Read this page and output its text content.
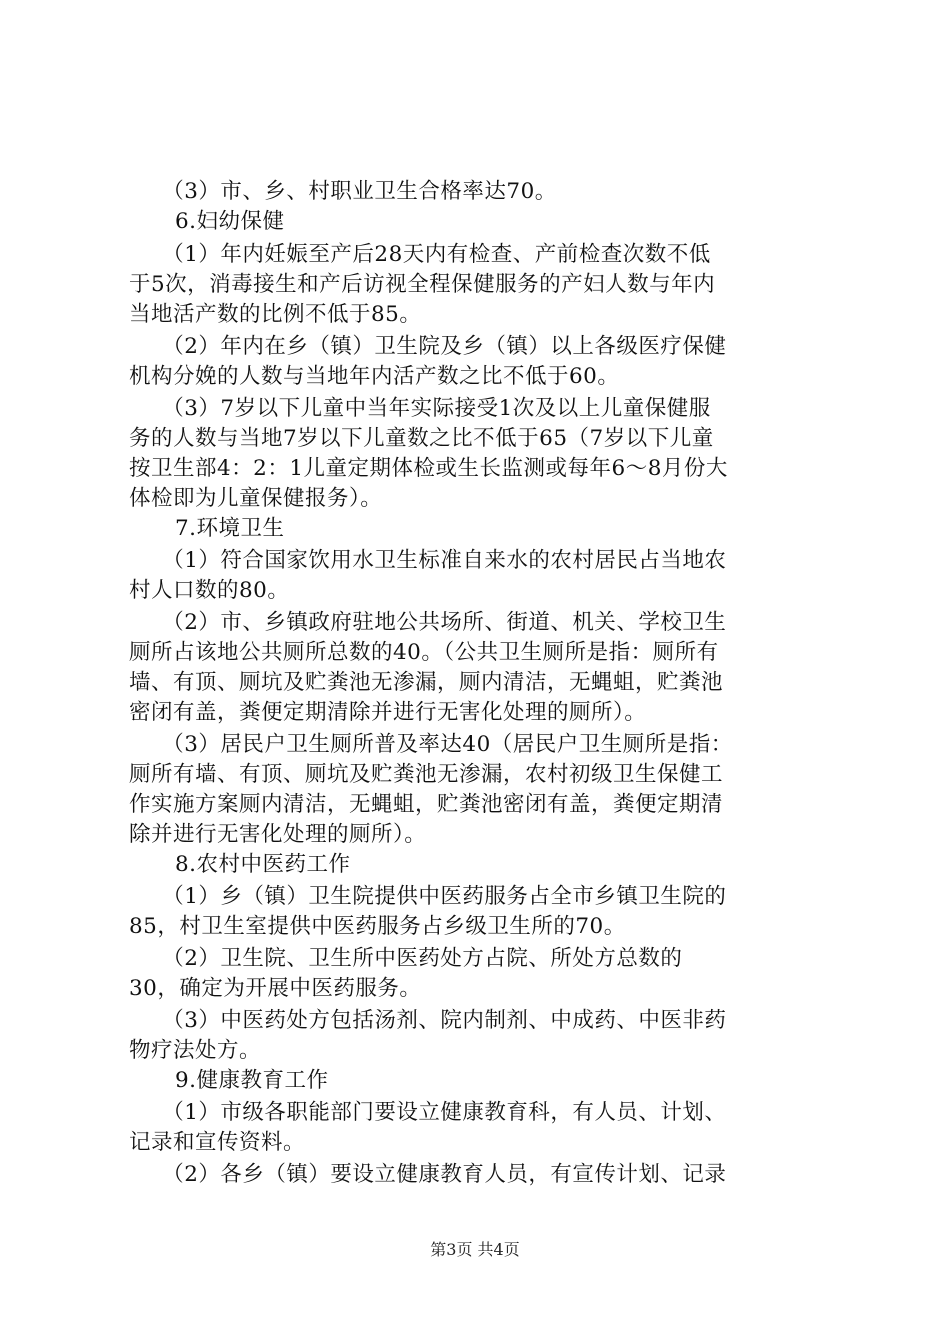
　　（3）市、乡、村职业卫生合格率达70。
6.妇幼保健
　　（1）年内妊娠至产后28天内有检查、产前检查次数不低
于5次，消毒接生和产后访视全程保健服务的产妇人数与年内
当地活产数的比例不低于85。
　　（2）年内在乡（镇）卫生院及乡（镇）以上各级医疗保健
机构分娩的人数与当地年内活产数之比不低于60。
　　（3）7岁以下儿童中当年实际接受1次及以上儿童保健服
务的人数与当地7岁以下儿童数之比不低于65（7岁以下儿童
按卫生部4：2：1儿童定期体检或生长监测或每年6～8月份大
体检即为儿童保健报务）。
7.环境卫生
　　（1）符合国家饮用水卫生标准自来水的农村居民占当地农
村人口数的80。
　　（2）市、乡镇政府驻地公共场所、街道、机关、学校卫生
厕所占该地公共厕所总数的40。（公共卫生厕所是指：厕所有
墙、有顶、厕坑及贮粪池无渗漏，厕内清洁，无蝿蛆，贮粪池
密闭有盖，粪便定期清除并进行无害化处理的厕所）。
　　（3）居民户卫生厕所普及率达40（居民户卫生厕所是指：
厕所有墙、有顶、厕坑及贮粪池无渗漏，农村初级卫生保健工
作实施方案厕内清洁，无蝿蛆，贮粪池密闭有盖，粪便定期清
除并进行无害化处理的厕所）。
8.农村中医药工作
　　（1）乡（镇）卫生院提供中医药服务占全市乡镇卫生院的
85，村卫生室提供中医药服务占乡级卫生所的70。
　　（2）卫生院、卫生所中医药处方占院、所处方总数的
30，确定为开展中医药服务。
　　（3）中医药处方包括汤剂、院内制剂、中成药、中医非药
物疗法处方。
9.健康教育工作
　　（1）市级各职能部门要设立健康教育科，有人员、计划、
记录和宣传资料。
　　（2）各乡（镇）要设立健康教育人员，有宣传计划、记录
第3页 共4页
